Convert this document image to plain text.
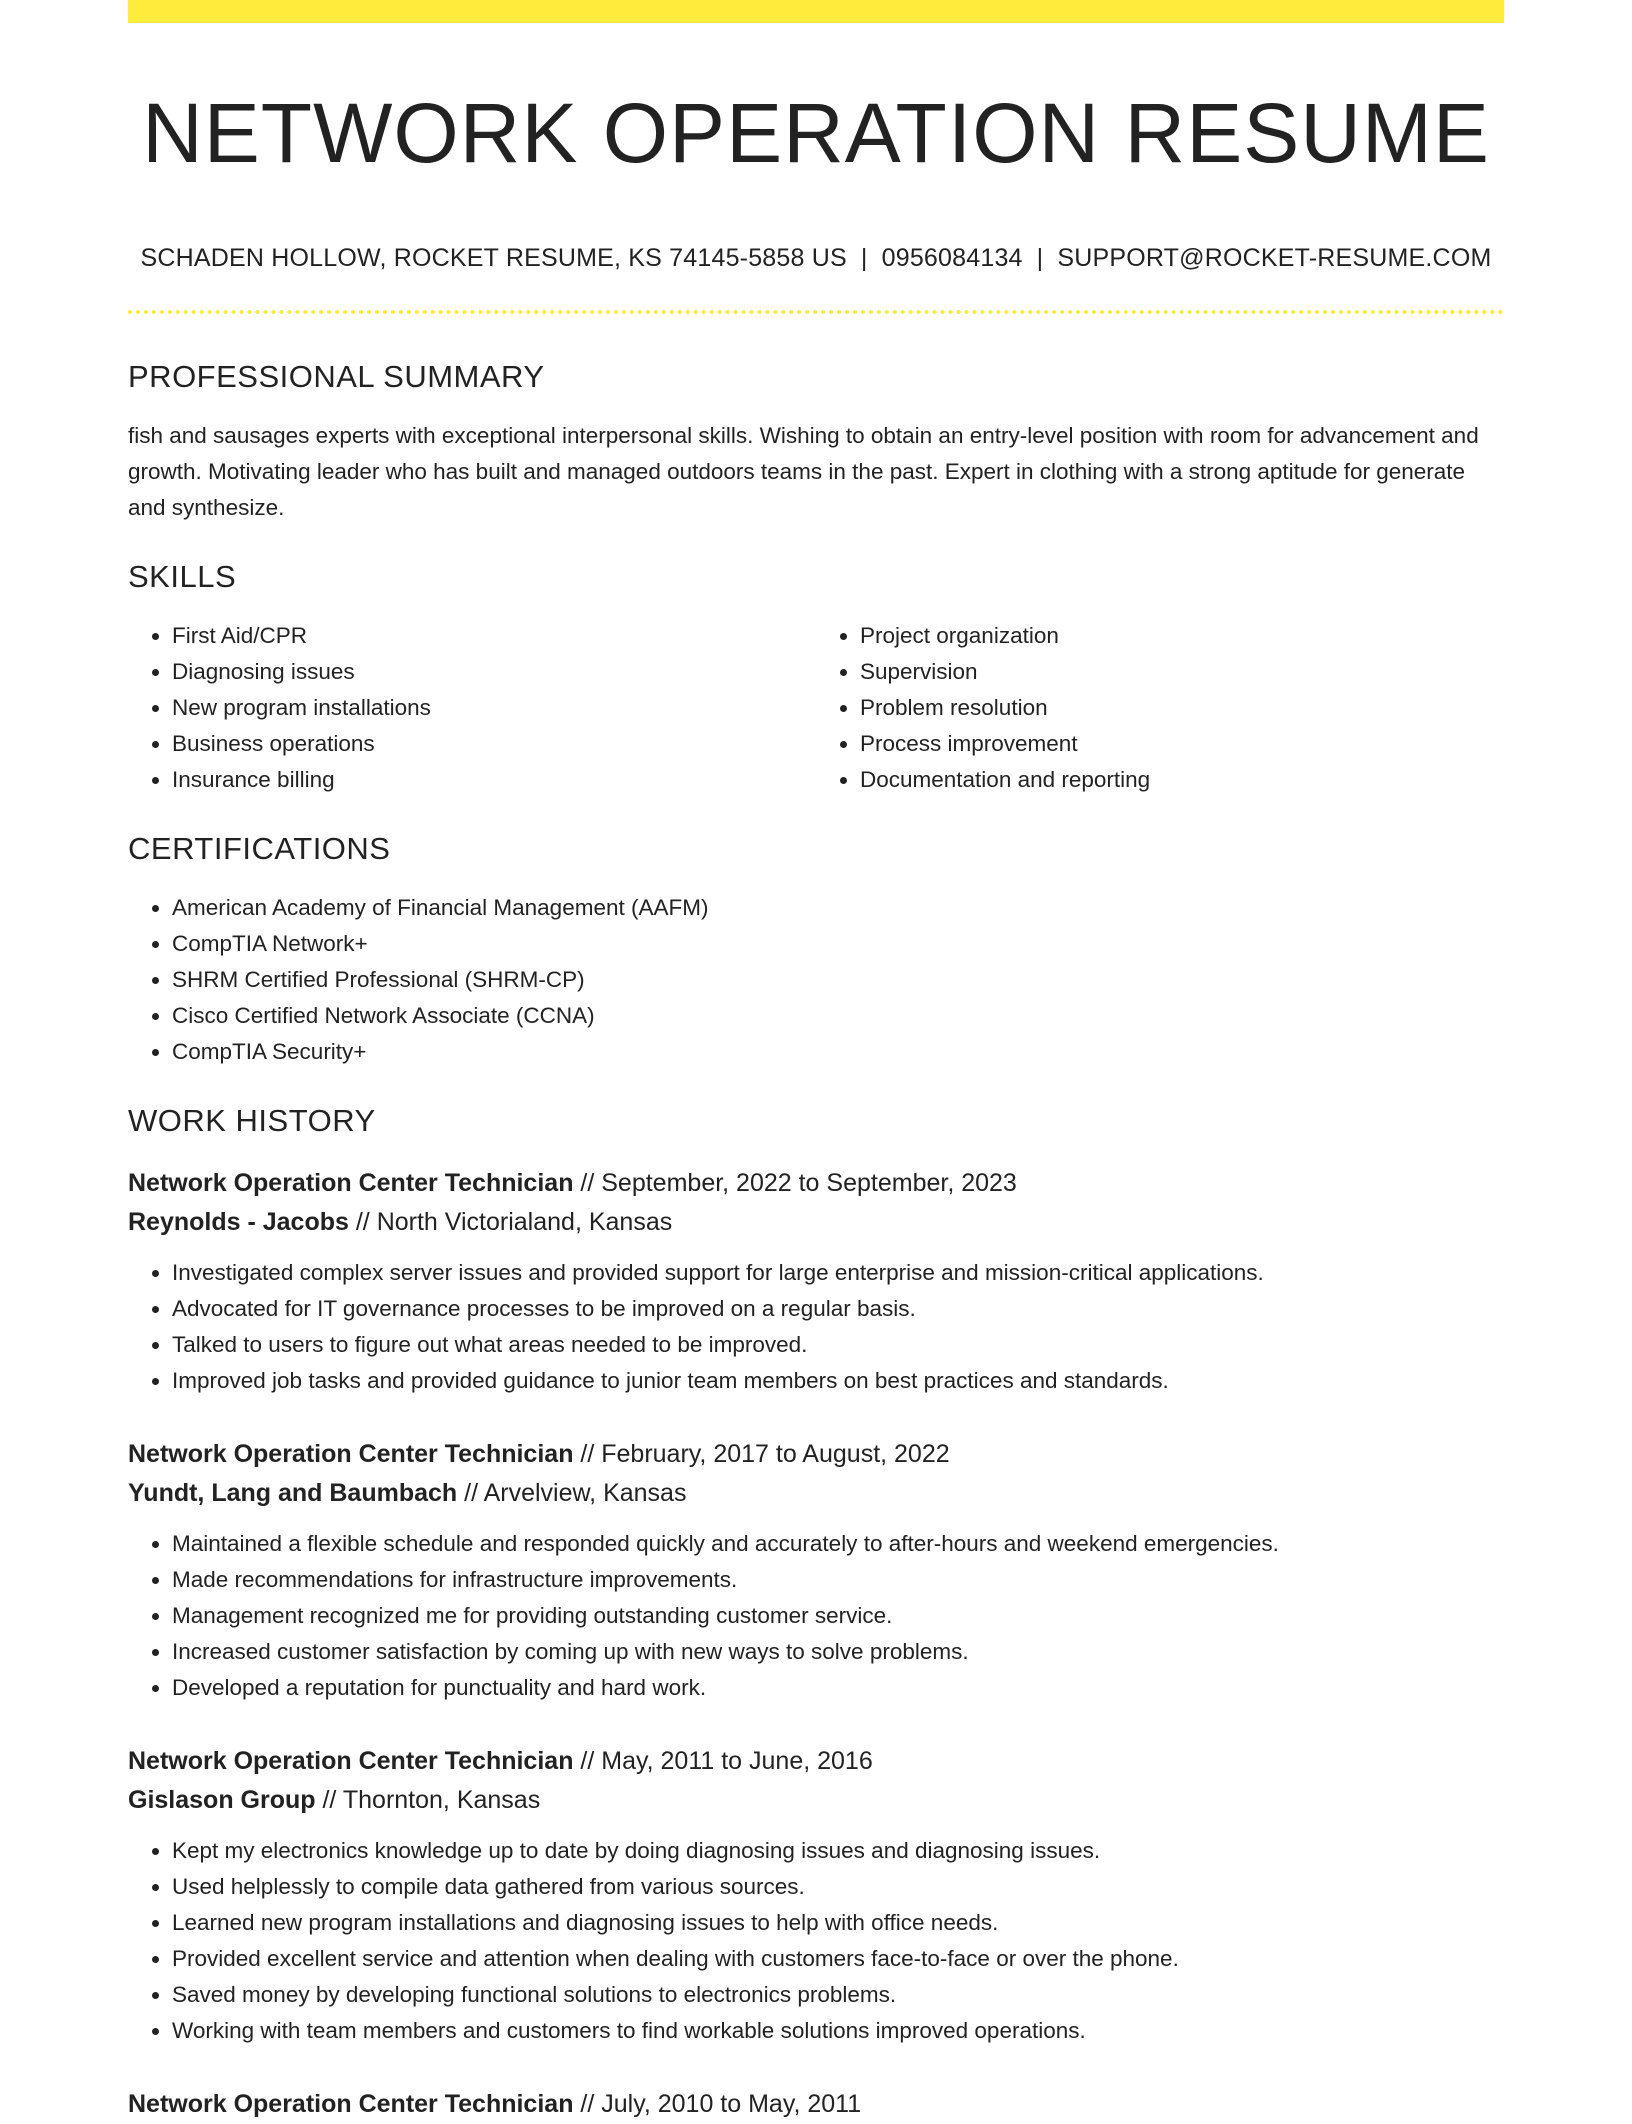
NETWORK OPERATION RESUME
SCHADEN HOLLOW, ROCKET RESUME, KS 74145-5858 US | 0956084134 | SUPPORT@ROCKET-RESUME.COM
PROFESSIONAL SUMMARY

fish and sausages experts with exceptional interpersonal skills. Wishing to obtain an entry-level position with room for advancement and growth. Motivating leader who has built and managed outdoors teams in the past. Expert in clothing with a strong aptitude for generate and synthesize.

SKILLS
• First Aid/CPR
• Diagnosing issues
• New program installations
• Business operations
• Insurance billing
• Project organization
• Supervision
• Problem resolution
• Process improvement
• Documentation and reporting
CERTIFICATIONS
• American Academy of Financial Management (AAFM)
• CompTIA Network+
• SHRM Certified Professional (SHRM-CP)
• Cisco Certified Network Associate (CCNA)
• CompTIA Security+
WORK HISTORY
Network Operation Center Technician // September, 2022 to September, 2023
Reynolds - Jacobs // North Victorialand, Kansas
• Investigated complex server issues and provided support for large enterprise and mission-critical applications.
• Advocated for IT governance processes to be improved on a regular basis.
• Talked to users to figure out what areas needed to be improved.
• Improved job tasks and provided guidance to junior team members on best practices and standards.
Network Operation Center Technician // February, 2017 to August, 2022
Yundt, Lang and Baumbach // Arvelview, Kansas
• Maintained a flexible schedule and responded quickly and accurately to after-hours and weekend emergencies.
• Made recommendations for infrastructure improvements.
• Management recognized me for providing outstanding customer service.
• Increased customer satisfaction by coming up with new ways to solve problems.
• Developed a reputation for punctuality and hard work.
Network Operation Center Technician // May, 2011 to June, 2016
Gislason Group // Thornton, Kansas
• Kept my electronics knowledge up to date by doing diagnosing issues and diagnosing issues.
• Used helplessly to compile data gathered from various sources.
• Learned new program installations and diagnosing issues to help with office needs.
• Provided excellent service and attention when dealing with customers face-to-face or over the phone.
• Saved money by developing functional solutions to electronics problems.
• Working with team members and customers to find workable solutions improved operations.
Network Operation Center Technician // July, 2010 to May, 2011
